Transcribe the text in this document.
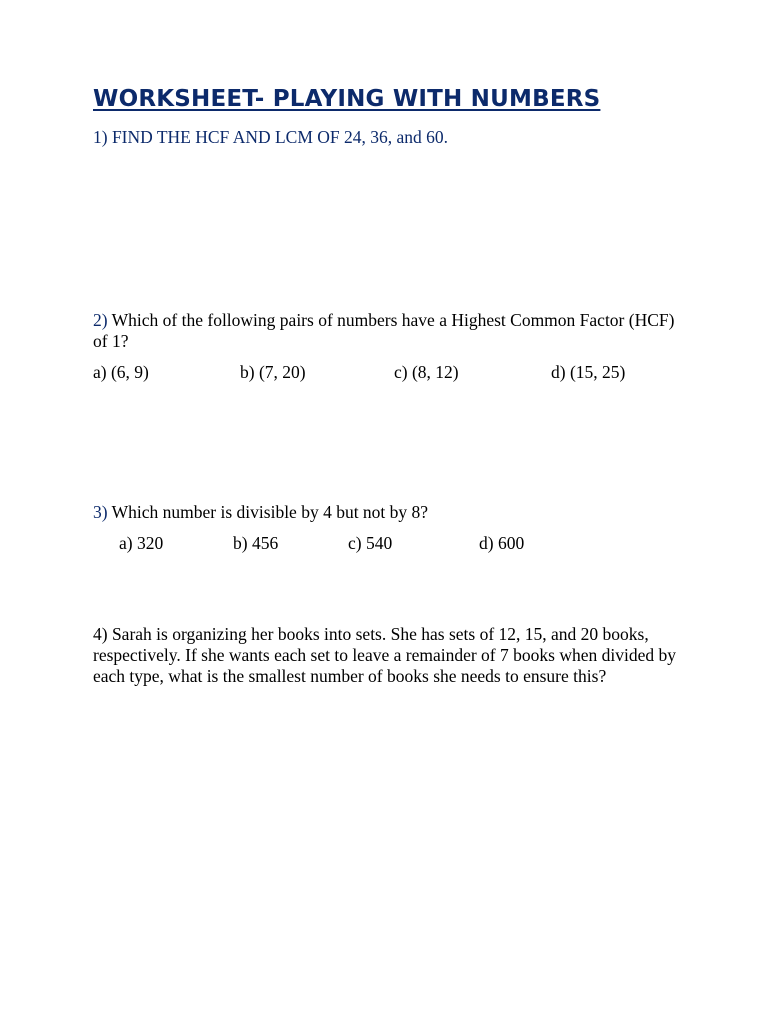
WORKSHEET- PLAYING WITH NUMBERS
1) FIND THE HCF AND LCM OF 24, 36, and 60.
2) Which of the following pairs of numbers have a Highest Common Factor (HCF) of 1?
a) (6, 9)	b) (7, 20)	c) (8, 12)	d) (15, 25)
3) Which number is divisible by 4 but not by 8?
a) 320	b) 456	c) 540	d) 600
4) Sarah is organizing her books into sets. She has sets of 12, 15, and 20 books, respectively. If she wants each set to leave a remainder of 7 books when divided by each type, what is the smallest number of books she needs to ensure this?
